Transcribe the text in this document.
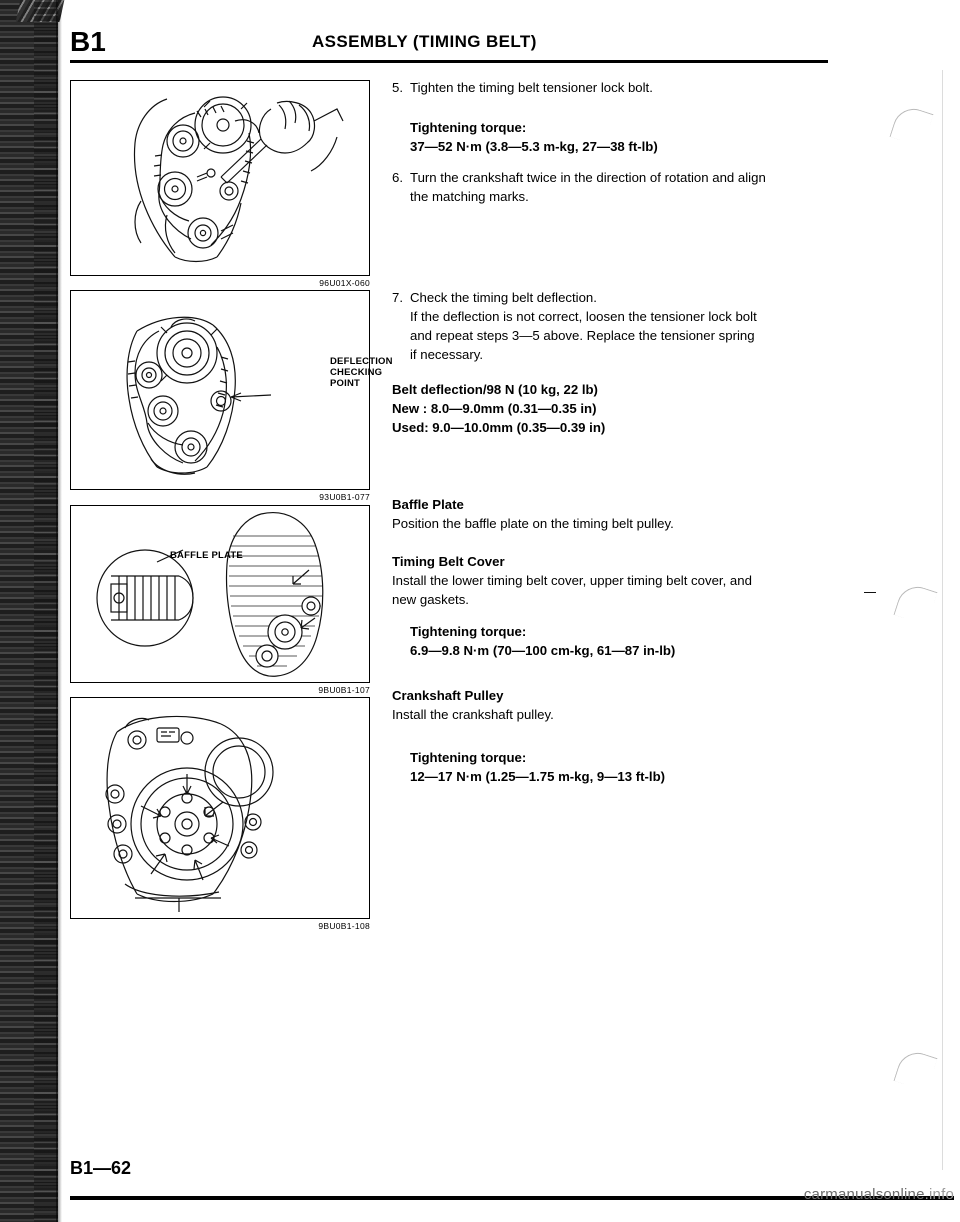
B1	ASSEMBLY (TIMING BELT)
96U01X-060
DEFLECTION
CHECKING
POINT
93U0B1-077
BAFFLE PLATE
9BU0B1-107
9BU0B1-108
5. Tighten the timing belt tensioner lock bolt.

Tightening torque:

37—52 N·m (3.8—5.3 m-kg, 27—38 ft-lb)

6. Turn the crankshaft twice in the direction of rotation and align
the matching marks.
7. Check the timing belt deflection.
If the deflection is not correct, loosen the tensioner lock bolt
and repeat steps 3—5 above. Replace the tensioner spring
if necessary.

Belt deflection/98 N (10 kg, 22 lb)

New : 8.0—9.0mm (0.31—0.35 in)

Used: 9.0—10.0mm (0.35—0.39 in)

Baffle Plate

Position the baffle plate on the timing belt pulley.

Timing Belt Cover

Install the lower timing belt cover, upper timing belt cover, and

new gaskets.

Tightening torque:

6.9—9.8 N·m (70—100 cm-kg, 61—87 in-lb)

Crankshaft Pulley

Install the crankshaft pulley.

Tightening torque:

12—17 N·m (1.25—1.75 m-kg, 9—13 ft-lb)

B1—62
carmanualsonline.info
